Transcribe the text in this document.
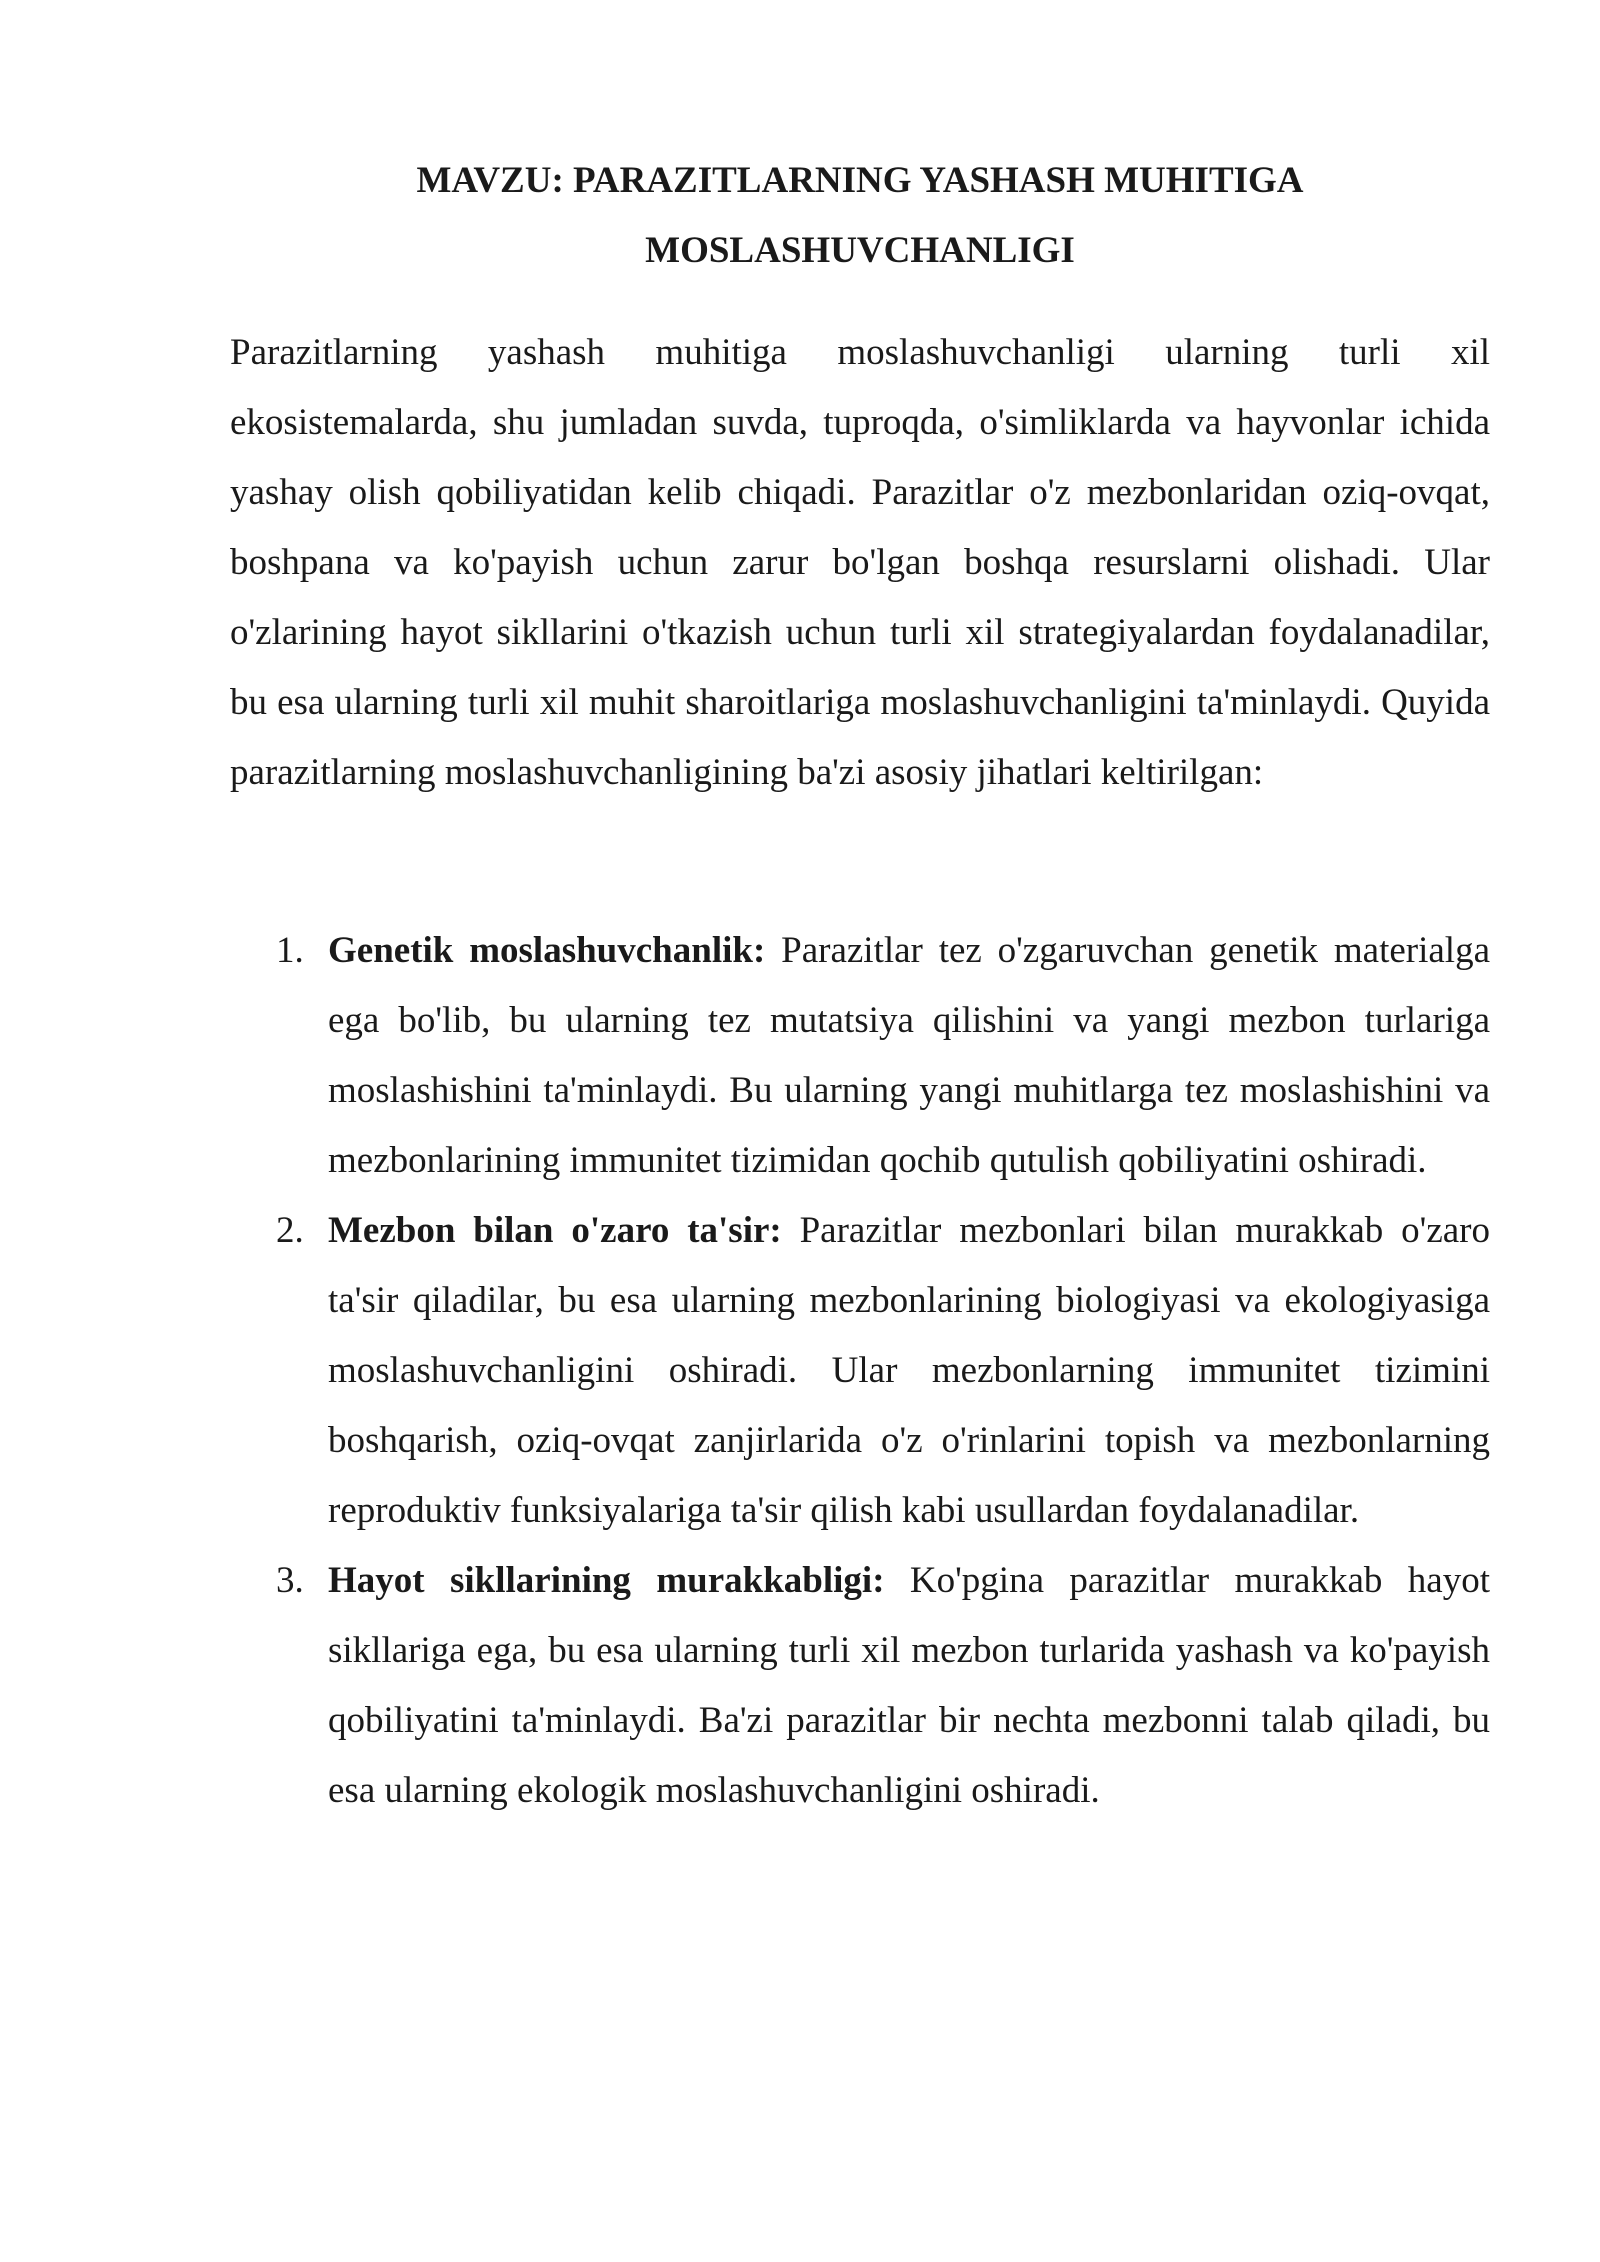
MAVZU: PARAZITLARNING YASHASH MUHITIGA
MOSLASHUVCHANLIGI

Parazitlarning yashash muhitiga moslashuvchanligi ularning turli xil ekosistemalarda, shu jumladan suvda, tuproqda, o'simliklarda va hayvonlar ichida yashay olish qobiliyatidan kelib chiqadi. Parazitlar o'z mezbonlaridan oziq-ovqat, boshpana va ko'payish uchun zarur bo'lgan boshqa resurslarni olishadi. Ular o'zlarining hayot sikllarini o'tkazish uchun turli xil strategiyalardan foydalanadilar, bu esa ularning turli xil muhit sharoitlariga moslashuvchanligini ta'minlaydi. Quyida parazitlarning moslashuvchanligining ba'zi asosiy jihatlari keltirilgan:

1. Genetik moslashuvchanlik: Parazitlar tez o'zgaruvchan genetik materialga ega bo'lib, bu ularning tez mutatsiya qilishini va yangi mezbon turlariga moslashishini ta'minlaydi. Bu ularning yangi muhitlarga tez moslashishini va mezbonlarining immunitet tizimidan qochib qutulish qobiliyatini oshiradi.
2. Mezbon bilan o'zaro ta'sir: Parazitlar mezbonlari bilan murakkab o'zaro ta'sir qiladilar, bu esa ularning mezbonlarining biologiyasi va ekologiyasiga moslashuvchanligini oshiradi. Ular mezbonlarning immunitet tizimini boshqarish, oziq-ovqat zanjirlarida o'z o'rinlarini topish va mezbonlarning reproduktiv funksiyalariga ta'sir qilish kabi usullardan foydalanadilar.
3. Hayot sikllarining murakkabligi: Ko'pgina parazitlar murakkab hayot sikllariga ega, bu esa ularning turli xil mezbon turlarida yashash va ko'payish qobiliyatini ta'minlaydi. Ba'zi parazitlar bir nechta mezbonni talab qiladi, bu esa ularning ekologik moslashuvchanligini oshiradi.
